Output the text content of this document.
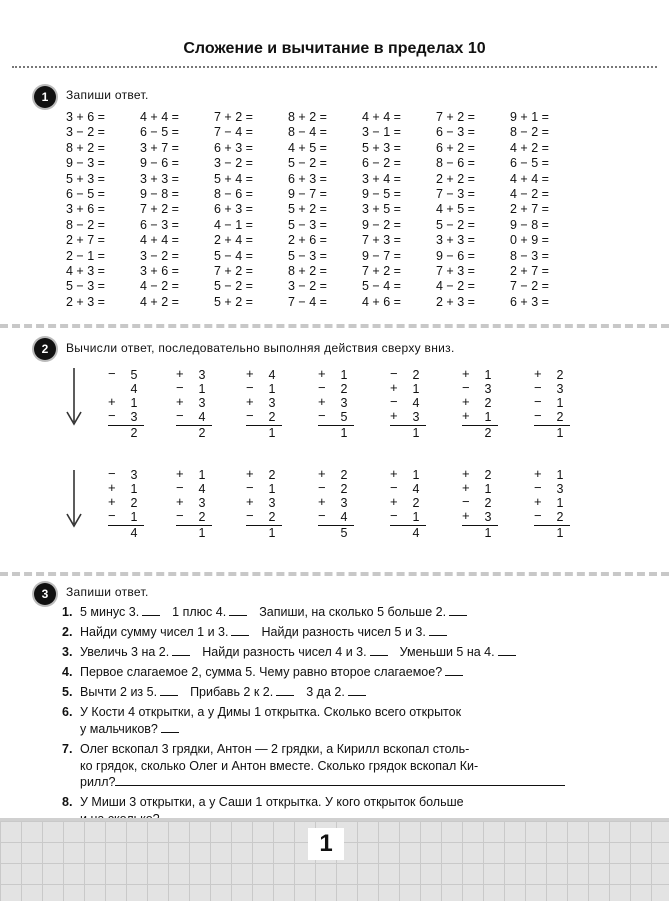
Сложение и вычитание в пределах 10
1	Запиши ответ.
3 + 6 =
3 − 2 =
8 + 2 =
9 − 3 =
5 + 3 =
6 − 5 =
3 + 6 =
8 − 2 =
2 + 7 =
2 − 1 =
4 + 3 =
5 − 3 =
2 + 3 =
4 + 4 =
6 − 5 =
3 + 7 =
9 − 6 =
3 + 3 =
9 − 8 =
7 + 2 =
6 − 3 =
4 + 4 =
3 − 2 =
3 + 6 =
4 − 2 =
4 + 2 =
7 + 2 =
7 − 4 =
6 + 3 =
3 − 2 =
5 + 4 =
8 − 6 =
6 + 3 =
4 − 1 =
2 + 4 =
5 − 4 =
7 + 2 =
5 − 2 =
5 + 2 =
8 + 2 =
8 − 4 =
4 + 5 =
5 − 2 =
6 + 3 =
9 − 7 =
5 + 2 =
5 − 3 =
2 + 6 =
5 − 3 =
8 + 2 =
3 − 2 =
7 − 4 =
4 + 4 =
3 − 1 =
5 + 3 =
6 − 2 =
3 + 4 =
9 − 5 =
3 + 5 =
9 − 2 =
7 + 3 =
9 − 7 =
7 + 2 =
5 − 4 =
4 + 6 =
7 + 2 =
6 − 3 =
6 + 2 =
8 − 6 =
2 + 2 =
7 − 3 =
4 + 5 =
5 − 2 =
3 + 3 =
9 − 6 =
7 + 3 =
4 − 2 =
2 + 3 =
9 + 1 =
8 − 2 =
4 + 2 =
6 − 5 =
4 + 4 =
4 − 2 =
2 + 7 =
9 − 8 =
0 + 9 =
8 − 3 =
2 + 7 =
7 − 2 =
6 + 3 =
2	Вычисли ответ, последовательно выполняя действия сверху вниз.
− 5
4
+ 1
− 3
2
+ 3
− 1
+ 3
− 4
2
+ 4
− 1
+ 3
− 2
1
+ 1
− 2
+ 3
− 5
1
− 2
+ 1
− 4
+ 3
1
+ 1
− 3
+ 2
+ 1
2
+ 2
− 3
− 1
− 2
1
− 3
+ 1
+ 2
− 1
4
+ 1
− 4
+ 3
− 2
1
+ 2
− 1
+ 3
− 2
1
+ 2
− 2
+ 3
− 4
5
+ 1
− 4
+ 2
− 1
4
+ 2
+ 1
− 2
+ 3
1
+ 1
− 3
+ 1
− 2
1
3	Запиши ответ.
1. 5 минус 3.	1 плюс 4.	Запиши, на сколько 5 больше 2.
2. Найди сумму чисел 1 и 3.	Найди разность чисел 5 и 3.
3. Увеличь 3 на 2.	Найди разность чисел 4 и 3.	Уменьши 5 на 4.
4. Первое слагаемое 2, сумма 5. Чему равно второе слагаемое?
5. Вычти 2 из 5.	Прибавь 2 к 2.	3 да 2.
6. У Кости 4 открытки, а у Димы 1 открытка. Сколько всего открыток
у мальчиков?
7. Олег вскопал 3 грядки, Антон — 2 грядки, а Кирилл вскопал столь-
ко грядок, сколько Олег и Антон вместе. Сколько грядок вскопал Ки-
рилл?
8. У Миши 3 открытки, а у Саши 1 открытка. У кого открыток больше

1
